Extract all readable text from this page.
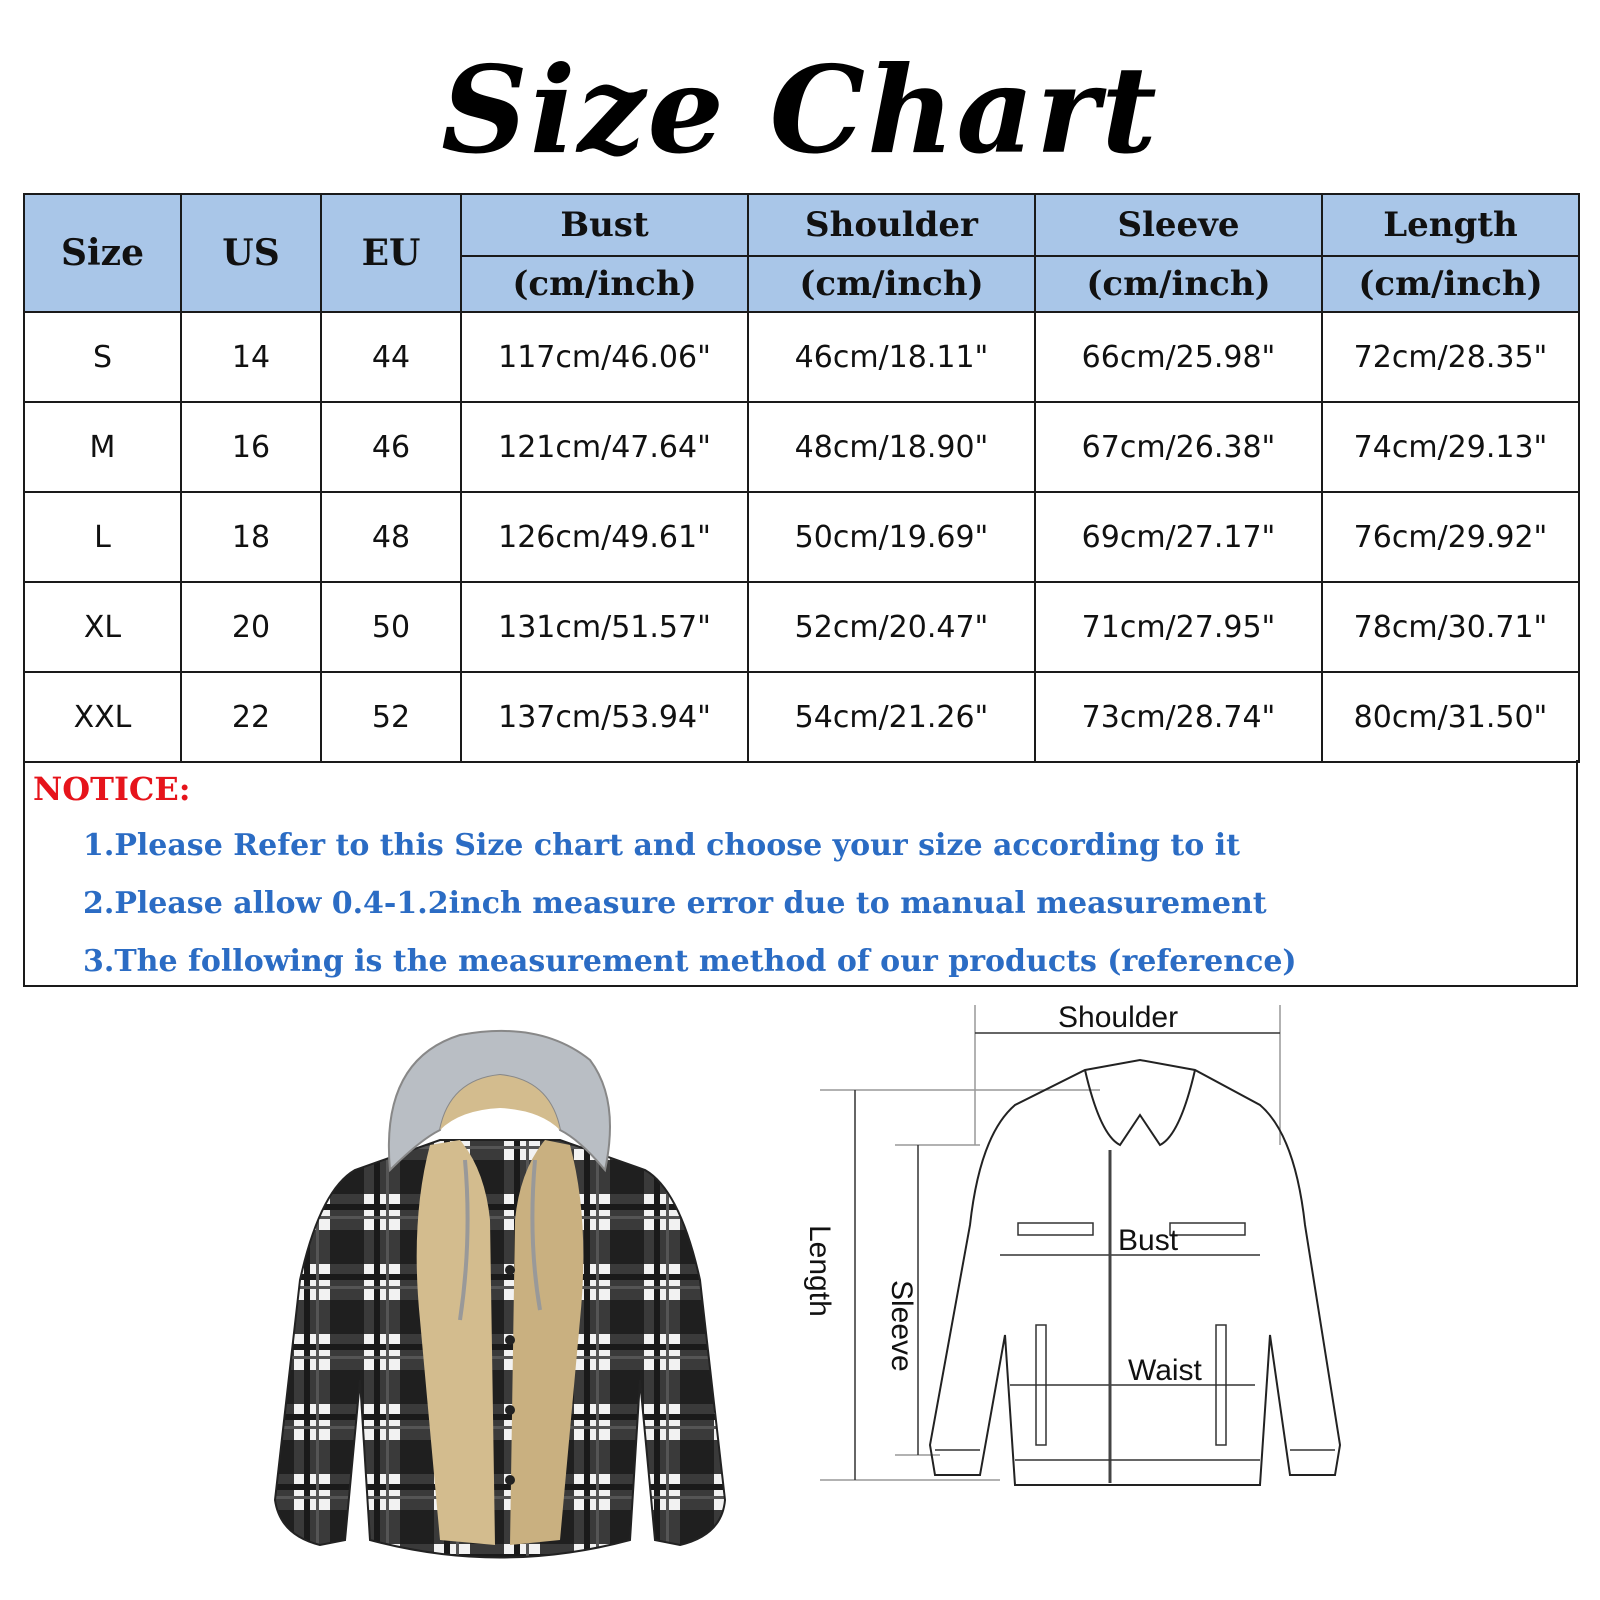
Size Chart
Size	US	EU	Bust	Shoulder	Sleeve	Length
			(cm/inch)	(cm/inch)	(cm/inch)	(cm/inch)
S	14	44	117cm/46.06"	46cm/18.11"	66cm/25.98"	72cm/28.35"
M	16	46	121cm/47.64"	48cm/18.90"	67cm/26.38"	74cm/29.13"
L	18	48	126cm/49.61"	50cm/19.69"	69cm/27.17"	76cm/29.92"
XL	20	50	131cm/51.57"	52cm/20.47"	71cm/27.95"	78cm/30.71"
XXL	22	52	137cm/53.94"	54cm/21.26"	73cm/28.74"	80cm/31.50"
NOTICE:
1.Please Refer to this Size chart and choose your size according to it
2.Please allow 0.4-1.2inch measure error due to manual measurement
3.The following is the measurement method of our products (reference)
Shoulder
Bust
Waist
Length
Sleeve
